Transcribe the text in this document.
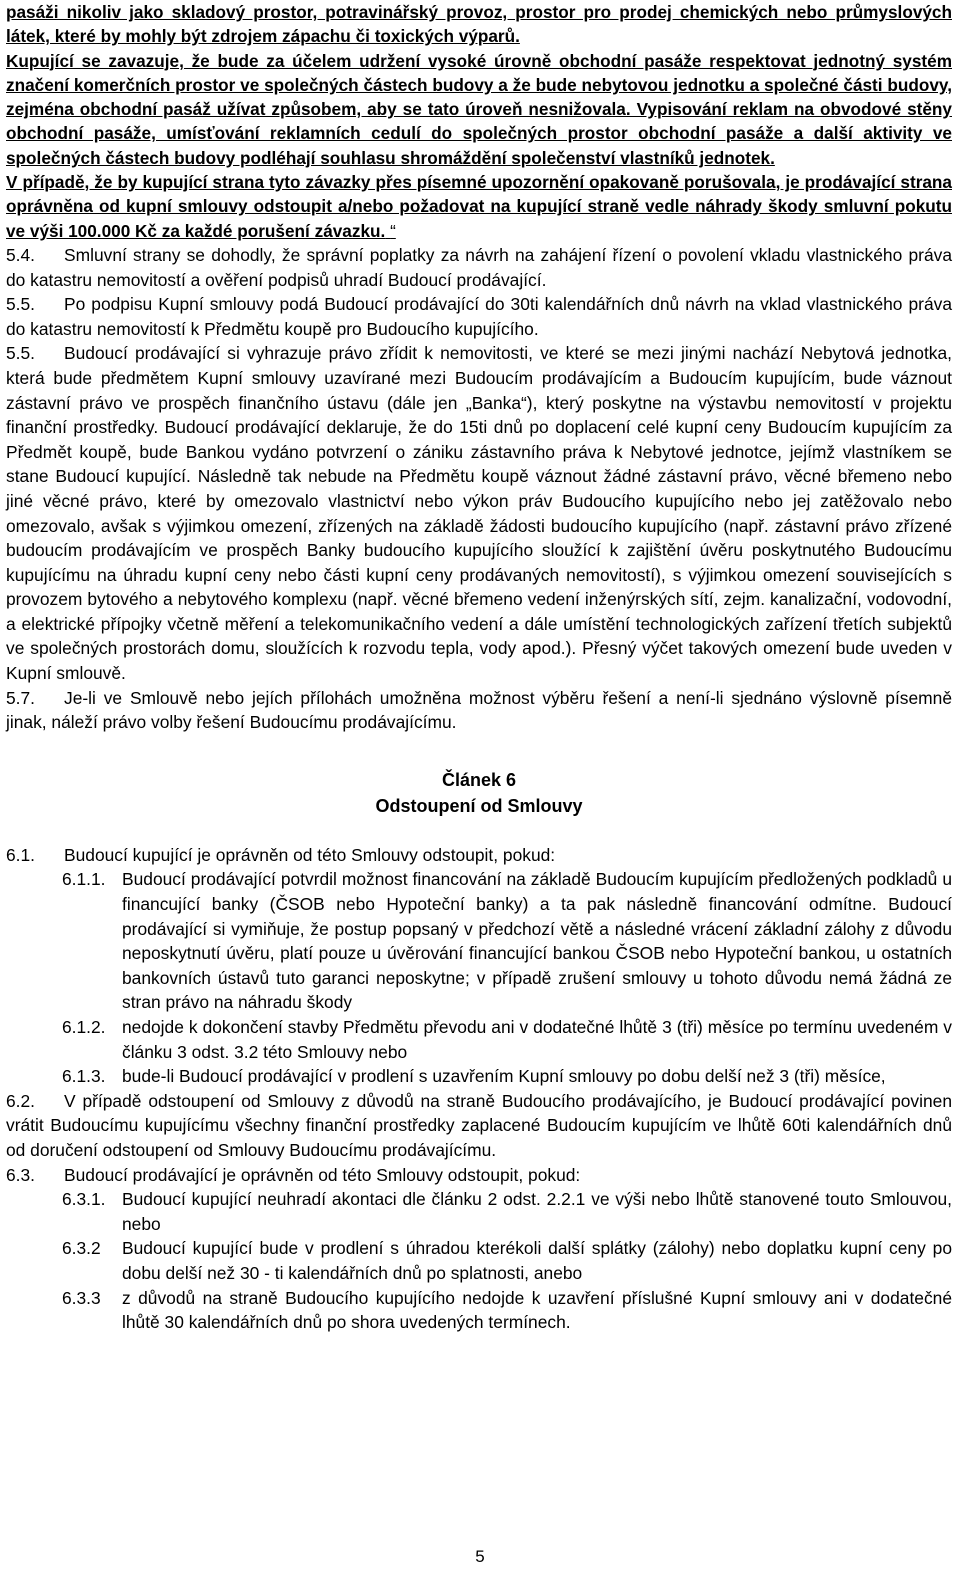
pasáži nikoliv jako skladový prostor, potravinářský provoz, prostor pro prodej chemických nebo průmyslových látek, které by mohly být zdrojem zápachu či toxických výparů.

Kupující se zavazuje, že bude za účelem udržení vysoké úrovně obchodní pasáže respektovat jednotný systém značení komerčních prostor ve společných částech budovy a že bude nebytovou jednotku a společné části budovy, zejména obchodní pasáž užívat způsobem, aby se tato úroveň nesnižovala. Vypisování reklam na obvodové stěny obchodní pasáže, umísťování reklamních cedulí do společných prostor obchodní pasáže a další aktivity ve společných částech budovy podléhají souhlasu shromáždění společenství vlastníků jednotek.

V případě, že by kupující strana tyto závazky přes písemné upozornění opakovaně porušovala, je prodávající strana oprávněna od kupní smlouvy odstoupit a/nebo požadovat na kupující straně vedle náhrady škody smluvní pokutu ve výši 100.000 Kč za každé porušení závazku. “

5.4. Smluvní strany se dohodly, že správní poplatky za návrh na zahájení řízení o povolení vkladu vlastnického práva do katastru nemovitostí a ověření podpisů uhradí Budoucí prodávající.
5.5. Po podpisu Kupní smlouvy podá Budoucí prodávající do 30ti kalendářních dnů návrh na vklad vlastnického práva do katastru nemovitostí k Předmětu koupě pro Budoucího kupujícího.
5.5. Budoucí prodávající si vyhrazuje právo zřídit k nemovitosti, ve které se mezi jinými nachází Nebytová jednotka, která bude předmětem Kupní smlouvy uzavírané mezi Budoucím prodávajícím a Budoucím kupujícím, bude váznout zástavní právo ve prospěch finančního ústavu (dále jen „Banka“), který poskytne na výstavbu nemovitostí v projektu finanční prostředky. Budoucí prodávající deklaruje, že do 15ti dnů po doplacení celé kupní ceny Budoucím kupujícím za Předmět koupě, bude Bankou vydáno potvrzení o zániku zástavního práva k Nebytové jednotce, jejímž vlastníkem se stane Budoucí kupující. Následně tak nebude na Předmětu koupě váznout žádné zástavní právo, věcné břemeno nebo jiné věcné právo, které by omezovalo vlastnictví nebo výkon práv Budoucího kupujícího nebo jej zatěžovalo nebo omezovalo, avšak s výjimkou omezení, zřízených na základě žádosti budoucího kupujícího (např. zástavní právo zřízené budoucím prodávajícím ve prospěch Banky budoucího kupujícího sloužící k zajištění úvěru poskytnutého Budoucímu kupujícímu na úhradu kupní ceny nebo části kupní ceny prodávaných nemovitostí), s výjimkou omezení souvisejících s provozem bytového a nebytového komplexu (např. věcné břemeno vedení inženýrských sítí, zejm. kanalizační, vodovodní, a elektrické přípojky včetně měření a telekomunikačního vedení a dále umístění technologických zařízení třetích subjektů ve společných prostorách domu, sloužících k rozvodu tepla, vody apod.). Přesný výčet takových omezení bude uveden v Kupní smlouvě.
5.7. Je-li ve Smlouvě nebo jejích přílohách umožněna možnost výběru řešení a není-li sjednáno výslovně písemně jinak, náleží právo volby řešení Budoucímu prodávajícímu.
Článek 6
Odstoupení od Smlouvy
6.1.	Budoucí kupující je oprávněn od této Smlouvy odstoupit, pokud:
6.1.1. Budoucí prodávající potvrdil možnost financování na základě Budoucím kupujícím předložených podkladů u financující banky (ČSOB nebo Hypoteční banky) a ta pak následně financování odmítne. Budoucí prodávající si vymiňuje, že postup popsaný v předchozí větě a následné vrácení základní zálohy z důvodu neposkytnutí úvěru, platí pouze u úvěrování financující bankou ČSOB nebo Hypoteční bankou, u ostatních bankovních ústavů tuto garanci neposkytne; v případě zrušení smlouvy u tohoto důvodu nemá žádná ze stran právo na náhradu škody
6.1.2. nedojde k dokončení stavby Předmětu převodu ani v dodatečné lhůtě 3 (tři) měsíce po termínu uvedeném v článku 3 odst. 3.2 této Smlouvy nebo
6.1.3. bude-li Budoucí prodávající v prodlení s uzavřením Kupní smlouvy po dobu delší než 3 (tři) měsíce,
6.2. V případě odstoupení od Smlouvy z důvodů na straně Budoucího prodávajícího, je Budoucí prodávající povinen vrátit Budoucímu kupujícímu všechny finanční prostředky zaplacené Budoucím kupujícím ve lhůtě 60ti kalendářních dnů od doručení odstoupení od Smlouvy Budoucímu prodávajícímu.
6.3.	Budoucí prodávající je oprávněn od této Smlouvy odstoupit, pokud:
6.3.1. Budoucí kupující neuhradí akontaci dle článku 2 odst. 2.2.1 ve výši nebo lhůtě stanovené touto Smlouvou, nebo
6.3.2	Budoucí kupující bude v prodlení s úhradou kterékoli další splátky (zálohy) nebo doplatku kupní ceny po dobu delší než 30 - ti kalendářních dnů po splatnosti, anebo
6.3.3	z důvodů na straně Budoucího kupujícího nedojde k uzavření příslušné Kupní smlouvy ani v dodatečné lhůtě 30 kalendářních dnů po shora uvedených termínech.
5
